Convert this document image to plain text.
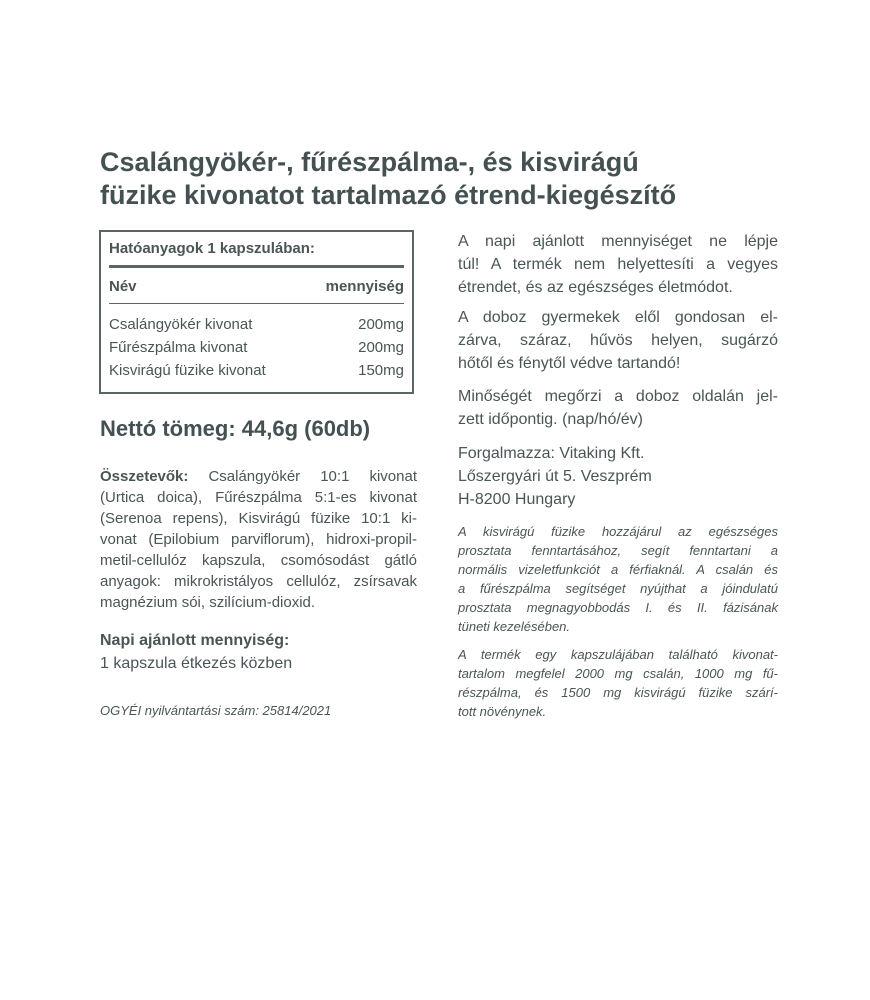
Csalángyökér-, fűrészpálma-, és kisvirágú
füzike kivonatot tartalmazó étrend-kiegészítő
Hatóanyagok 1 kapszulában:
Név	mennyiség
Csalángyökér kivonat	200mg
Fűrészpálma kivonat	200mg
Kisvirágú füzike kivonat	150mg
Nettó tömeg: 44,6g (60db)
Összetevők: Csalángyökér 10:1 kivonat
(Urtica doica), Fűrészpálma 5:1-es kivonat
(Serenoa repens), Kisvirágú füzike 10:1 ki-
vonat (Epilobium parviflorum), hidroxi-propil-
metil-cellulóz kapszula, csomósodást gátló
anyagok: mikrokristályos cellulóz, zsírsavak
magnézium sói, szilícium-dioxid.
Napi ajánlott mennyiség:
1 kapszula étkezés közben
OGYÉI nyilvántartási szám: 25814/2021
A napi ajánlott mennyiséget ne lépje
túl! A termék nem helyettesíti a vegyes
étrendet, és az egészséges életmódot.
A doboz gyermekek elől gondosan el-
zárva, száraz, hűvös helyen, sugárzó
hőtől és fénytől védve tartandó!
Minőségét megőrzi a doboz oldalán jel-
zett időpontig. (nap/hó/év)
Forgalmazza: Vitaking Kft.
Lőszergyári út 5. Veszprém
H-8200 Hungary
A kisvirágú füzike hozzájárul az egészséges
prosztata fenntartásához, segít fenntartani a
normális vizeletfunkciót a férfiaknál. A csalán és
a fűrészpálma segítséget nyújthat a jóindulatú
prosztata megnagyobbodás I. és II. fázisának
tüneti kezelésében.
A termék egy kapszulájában található kivonat-
tartalom megfelel 2000 mg csalán, 1000 mg fű-
részpálma, és 1500 mg kisvirágú füzike szárí-
tott növénynek.
